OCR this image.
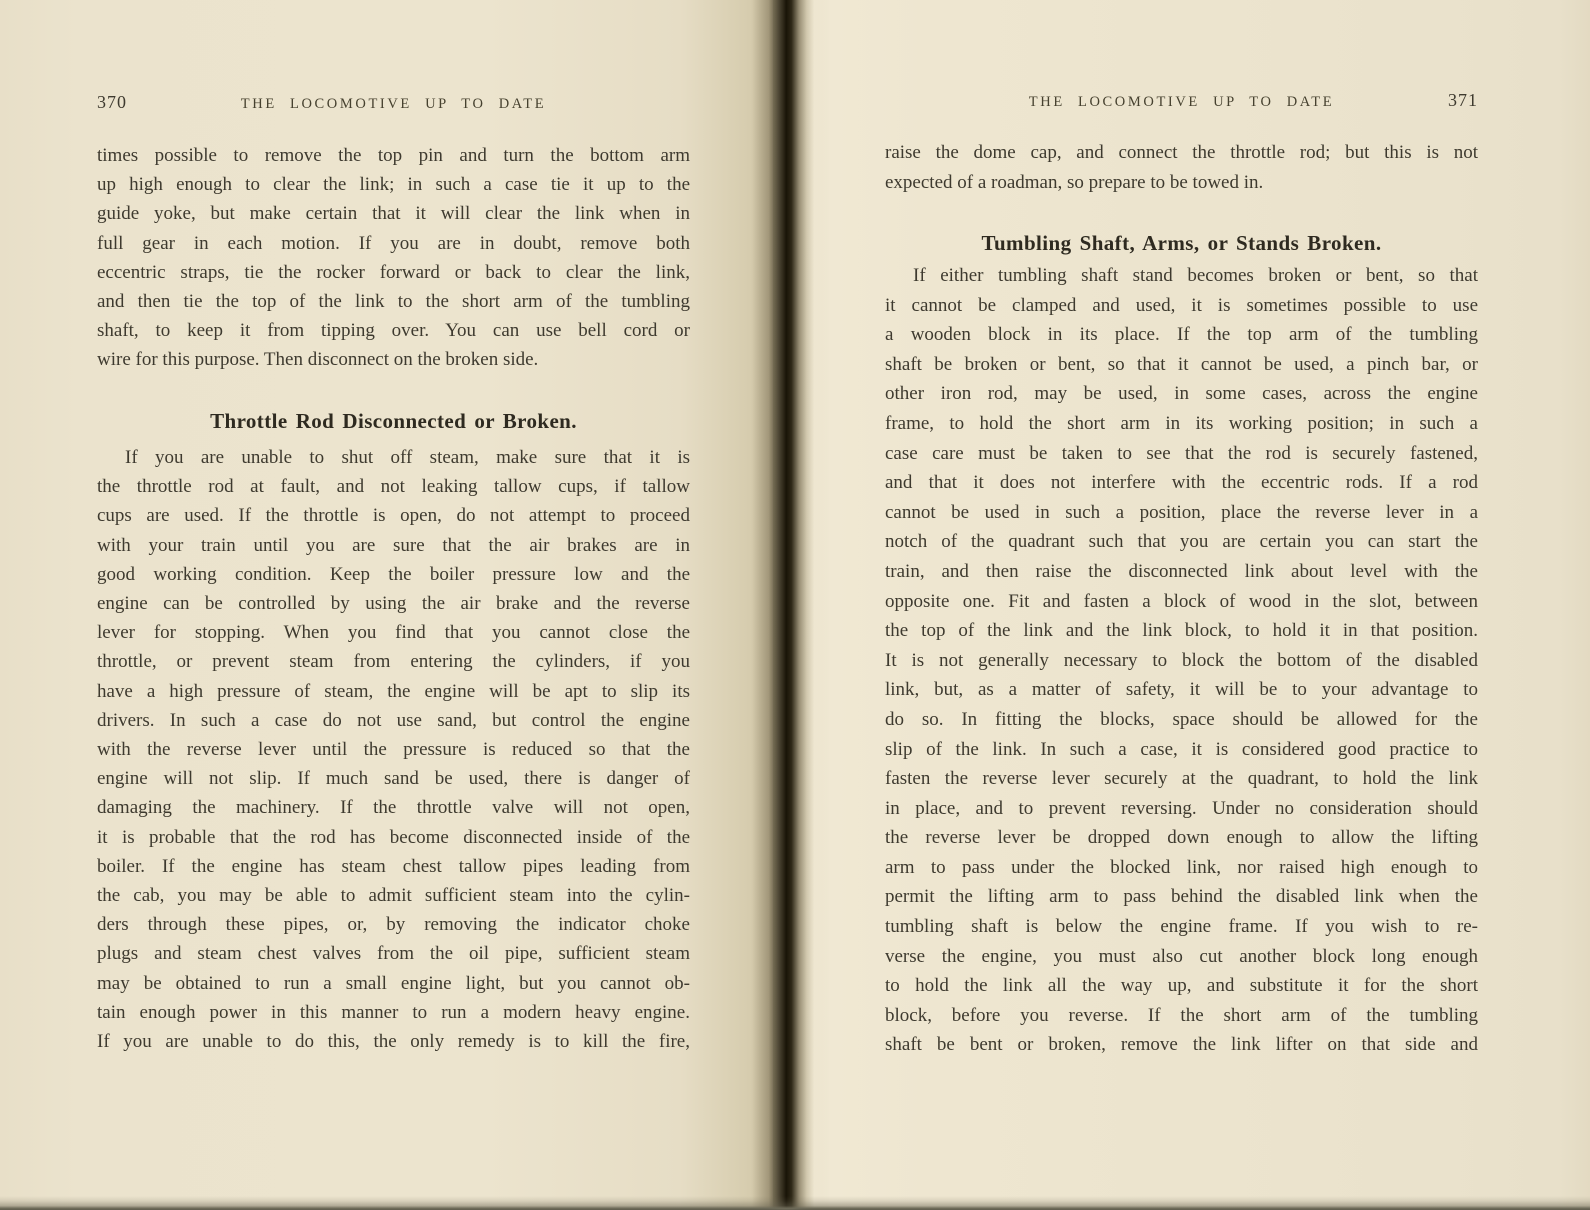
370	THE LOCOMOTIVE UP TO DATE
times possible to remove the top pin and turn the bottom arm
up high enough to clear the link; in such a case tie it up to the
guide yoke, but make certain that it will clear the link when in
full gear in each motion. If you are in doubt, remove both
eccentric straps, tie the rocker forward or back to clear the link,
and then tie the top of the link to the short arm of the tumbling
shaft, to keep it from tipping over. You can use bell cord or
wire for this purpose. Then disconnect on the broken side.
Throttle Rod Disconnected or Broken.
If you are unable to shut off steam, make sure that it is
the throttle rod at fault, and not leaking tallow cups, if tallow
cups are used. If the throttle is open, do not attempt to proceed
with your train until you are sure that the air brakes are in
good working condition. Keep the boiler pressure low and the
engine can be controlled by using the air brake and the reverse
lever for stopping. When you find that you cannot close the
throttle, or prevent steam from entering the cylinders, if you
have a high pressure of steam, the engine will be apt to slip its
drivers. In such a case do not use sand, but control the engine
with the reverse lever until the pressure is reduced so that the
engine will not slip. If much sand be used, there is danger of
damaging the machinery. If the throttle valve will not open,
it is probable that the rod has become disconnected inside of the
boiler. If the engine has steam chest tallow pipes leading from
the cab, you may be able to admit sufficient steam into the cylin-
ders through these pipes, or, by removing the indicator choke
plugs and steam chest valves from the oil pipe, sufficient steam
may be obtained to run a small engine light, but you cannot ob-
tain enough power in this manner to run a modern heavy engine.
If you are unable to do this, the only remedy is to kill the fire,
THE LOCOMOTIVE UP TO DATE	371
raise the dome cap, and connect the throttle rod; but this is not
expected of a roadman, so prepare to be towed in.
Tumbling Shaft, Arms, or Stands Broken.
If either tumbling shaft stand becomes broken or bent, so that
it cannot be clamped and used, it is sometimes possible to use
a wooden block in its place. If the top arm of the tumbling
shaft be broken or bent, so that it cannot be used, a pinch bar, or
other iron rod, may be used, in some cases, across the engine
frame, to hold the short arm in its working position; in such a
case care must be taken to see that the rod is securely fastened,
and that it does not interfere with the eccentric rods. If a rod
cannot be used in such a position, place the reverse lever in a
notch of the quadrant such that you are certain you can start the
train, and then raise the disconnected link about level with the
opposite one. Fit and fasten a block of wood in the slot, between
the top of the link and the link block, to hold it in that position.
It is not generally necessary to block the bottom of the disabled
link, but, as a matter of safety, it will be to your advantage to
do so. In fitting the blocks, space should be allowed for the
slip of the link. In such a case, it is considered good practice to
fasten the reverse lever securely at the quadrant, to hold the link
in place, and to prevent reversing. Under no consideration should
the reverse lever be dropped down enough to allow the lifting
arm to pass under the blocked link, nor raised high enough to
permit the lifting arm to pass behind the disabled link when the
tumbling shaft is below the engine frame. If you wish to re-
verse the engine, you must also cut another block long enough
to hold the link all the way up, and substitute it for the short
block, before you reverse. If the short arm of the tumbling
shaft be bent or broken, remove the link lifter on that side and
